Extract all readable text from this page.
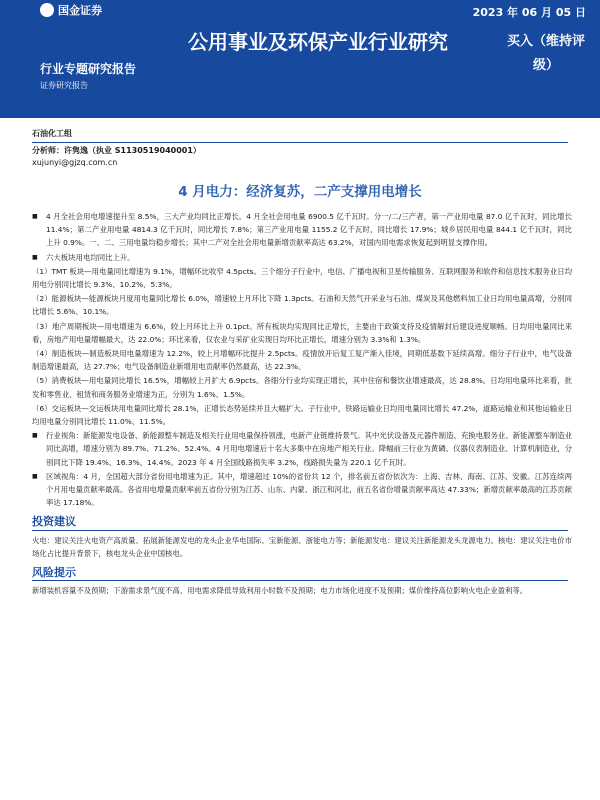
国金证券	2023 年 06 月 05 日
公用事业及环保产业行业研究	买入（维持评级）
行业专题研究报告
证券研究报告
石油化工组
分析师：许隽逸（执业 S1130519040001）
xujunyi@gjzq.com.cn
4 月电力：经济复苏，二产支撑用电增长
■ 4 月全社会用电增速提升至 8.5%，三大产业均同比正增长。4 月全社会用电量 6900.5 亿千瓦时。分一/二/三产者，第一产业用电量 87.0 亿千瓦时，同比增长 11.4%；第二产业用电量 4814.3 亿千瓦时，同比增长 7.8%；第三产业用电量 1155.2 亿千瓦时，同比增长 17.9%；城乡居民用电量 844.1 亿千瓦时，同比上升 0.9%。一、二、三用电量均稳步增长；其中二产对全社会用电量新增贡献率高达 63.2%，对国内用电需求恢复起到明显支撑作用。
■ 六大板块用电均同比上升。
（1）TMT 板块—用电量同比增速为 9.1%，增幅环比收窄 4.5pcts。三个细分子行业中，电信、广播电视和卫星传输服务、互联网服务和软件和信息技术服务业日均用电分别同比增长 9.3%、10.2%、5.3%。
（2）能源板块—能源板块月度用电量同比增长 6.0%，增速较上月环比下降 1.3pcts。石油和天然气开采业与石油、煤炭及其他燃料加工业日均用电量高增，分别同比增长 5.6%、10.1%。
（3）地产周期板块—用电增速为 6.6%，较上月环比上升 0.1pct。所有板块均实现同比正增长，主要由于政策支持及疫情解封后建设进度顺畅。日均用电量同比来看，房地产用电量增幅最大，达 22.0%；环比来看，仅农业与采矿业实现日均环比正增长，增速分别为 3.3%和 1.3%。
（4）制造板块—制造板块用电量增速为 12.2%，较上月增幅环比提升 2.5pcts。疫情放开后复工复产渐入佳境，同期低基数下延续高增。细分子行业中，电气设备制造增速最高，达 27.7%；电气设备制造业新增用电贡献率仍然最高，达 22.3%。
（5）消费板块—用电量同比增长 16.5%，增幅较上月扩大 6.9pcts。各细分行业均实现正增长，其中住宿和餐饮业增速最高，达 28.8%。日均用电量环比来看，批发和零售业、租赁和商务服务业增速为正，分别为 1.6%、1.5%。
（6）交运板块—交运板块用电量同比增长 28.1%，正增长态势延续并且大幅扩大。子行业中，铁路运输业日均用电量同比增长 47.2%，道路运输业和其他运输业日均用电量分别同比增长 11.0%、11.5%。
■ 行业视角：新能源发电设备、新能源整车制造及相关行业用电量保持领涨，电新产业链维持景气。其中光伏设备及元器件制造、充换电服务业、新能源整车制造业同比高增，增速分别为 89.7%、71.2%、52.4%。4 月用电增速后十名大多集中在房地产相关行业。降幅前三行业为黄磷、仪器仪表制造业、计算机制造业，分别同比下降 19.4%、16.3%、14.4%。2023 年 4 月全国线路损失率 3.2%，线路损失量为 220.1 亿千瓦时。
■ 区域视角：4 月，全国超大部分省份用电增速为正。其中，增速超过 10%的省份共 12 个，排名前五省份依次为：上海、吉林、海南、江苏、安徽。江苏连续两个月用电量贡献率最高。各省用电增量贡献率前五省份分别为江苏、山东、内蒙、浙江和河北，前五名省份增量贡献率高达 47.33%；新增贡献率最高的江苏贡献率达 17.18%。
投资建议
火电：建议关注火电资产高质量、拓展新能源发电的龙头企业华电国际、宝新能源、浙能电力等；新能源发电：建议关注新能源龙头龙源电力。核电：建议关注电价市场化占比提升背景下，核电龙头企业中国核电。
风险提示
新增装机容量不及预期；下游需求景气度不高、用电需求降低导致利用小时数不及预期；电力市场化进度不及预期；煤价维持高位影响火电企业盈利等。
